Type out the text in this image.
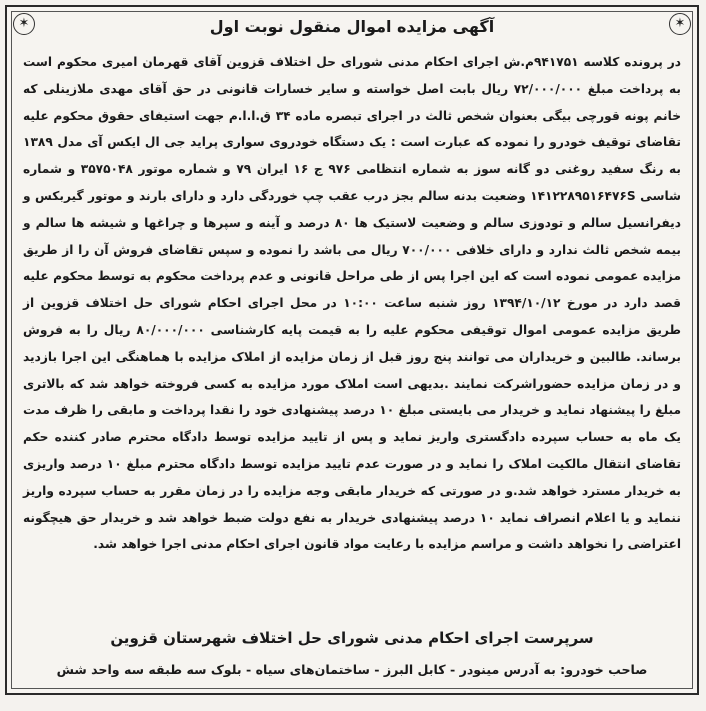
✶	✶
آگهی مزایده اموال منقول نوبت اول
در پرونده کلاسه ۹۴۱۷۵۱م.ش اجرای احکام مدنی شورای حل اختلاف قزوین آقای قهرمان امیری محکوم است به پرداخت مبلغ ۷۲/۰۰۰/۰۰۰ ریال بابت اصل خواسته و سایر خسارات قانونی در حق آقای مهدی ملازینلی که خانم پونه قورچی بیگی بعنوان شخص ثالث در اجرای تبصره ماده ۳۴ ق.ا.ا.م جهت استیفای حقوق محکوم علیه تقاضای توقیف خودرو را نموده که عبارت است : یک دستگاه خودروی سواری پراید جی ال ایکس آی مدل ۱۳۸۹ به رنگ سفید روغنی دو گانه سوز به شماره انتظامی ۹۷۶ ج ۱۶ ایران ۷۹ و شماره موتور ۳۵۷۵۰۴۸ و شماره شاسی ۱۴۱۲۲۸۹۵۱۶۴۷۶S وضعیت بدنه سالم بجز درب عقب چپ خوردگی دارد و دارای بارند و موتور گیربکس و دیفرانسیل سالم و تودوزی سالم و وضعیت لاستیک ها ۸۰ درصد و آینه و سپرها و چراغها و شیشه ها سالم و بیمه شخص ثالث ندارد و دارای خلافی ۷۰۰/۰۰۰ ریال می باشد را نموده و سپس تقاضای فروش آن را از طریق مزایده عمومی نموده است که این اجرا پس از طی مراحل قانونی و عدم پرداخت محکوم به توسط محکوم علیه قصد دارد در مورخ ۱۳۹۴/۱۰/۱۲ روز شنبه ساعت ۱۰:۰۰ در محل اجرای احکام شورای حل اختلاف قزوین از طریق مزایده عمومی اموال توقیفی محکوم علیه را به قیمت پایه کارشناسی ۸۰/۰۰۰/۰۰۰ ریال را به فروش برساند. طالبین و خریداران می توانند پنج روز قبل از زمان مزایده از املاک مزایده با هماهنگی این اجرا بازدید و در زمان مزایده حضوراشرکت نمایند .بدیهی است املاک مورد مزایده به کسی فروخته خواهد شد که بالاتری مبلغ را پیشنهاد نماید و خریدار می بایستی مبلغ ۱۰ درصد پیشنهادی خود را نقدا پرداخت و مابقی را ظرف مدت یک ماه به حساب سپرده دادگستری واریز نماید و پس از تایید مزایده توسط دادگاه محترم صادر کننده حکم تقاضای انتقال مالکیت املاک را نماید و در صورت عدم تایید مزایده توسط دادگاه محترم مبلغ ۱۰ درصد واریزی به خریدار مسترد خواهد شد.و در صورتی که خریدار مابقی وجه مزایده را در زمان مقرر به حساب سپرده واریز ننماید و یا اعلام انصراف نماید ۱۰ درصد پیشنهادی خریدار به نفع دولت ضبط خواهد شد و خریدار حق هیچگونه اعتراضی را نخواهد داشت و مراسم مزایده با رعایت مواد قانون اجرای احکام مدنی اجرا خواهد شد.
سرپرست اجرای احکام مدنی شورای حل اختلاف شهرستان قزوین
صاحب خودرو: به آدرس مینودر - کابل البرز - ساختمان‌های سیاه - بلوک سه طبقه سه واحد شش
